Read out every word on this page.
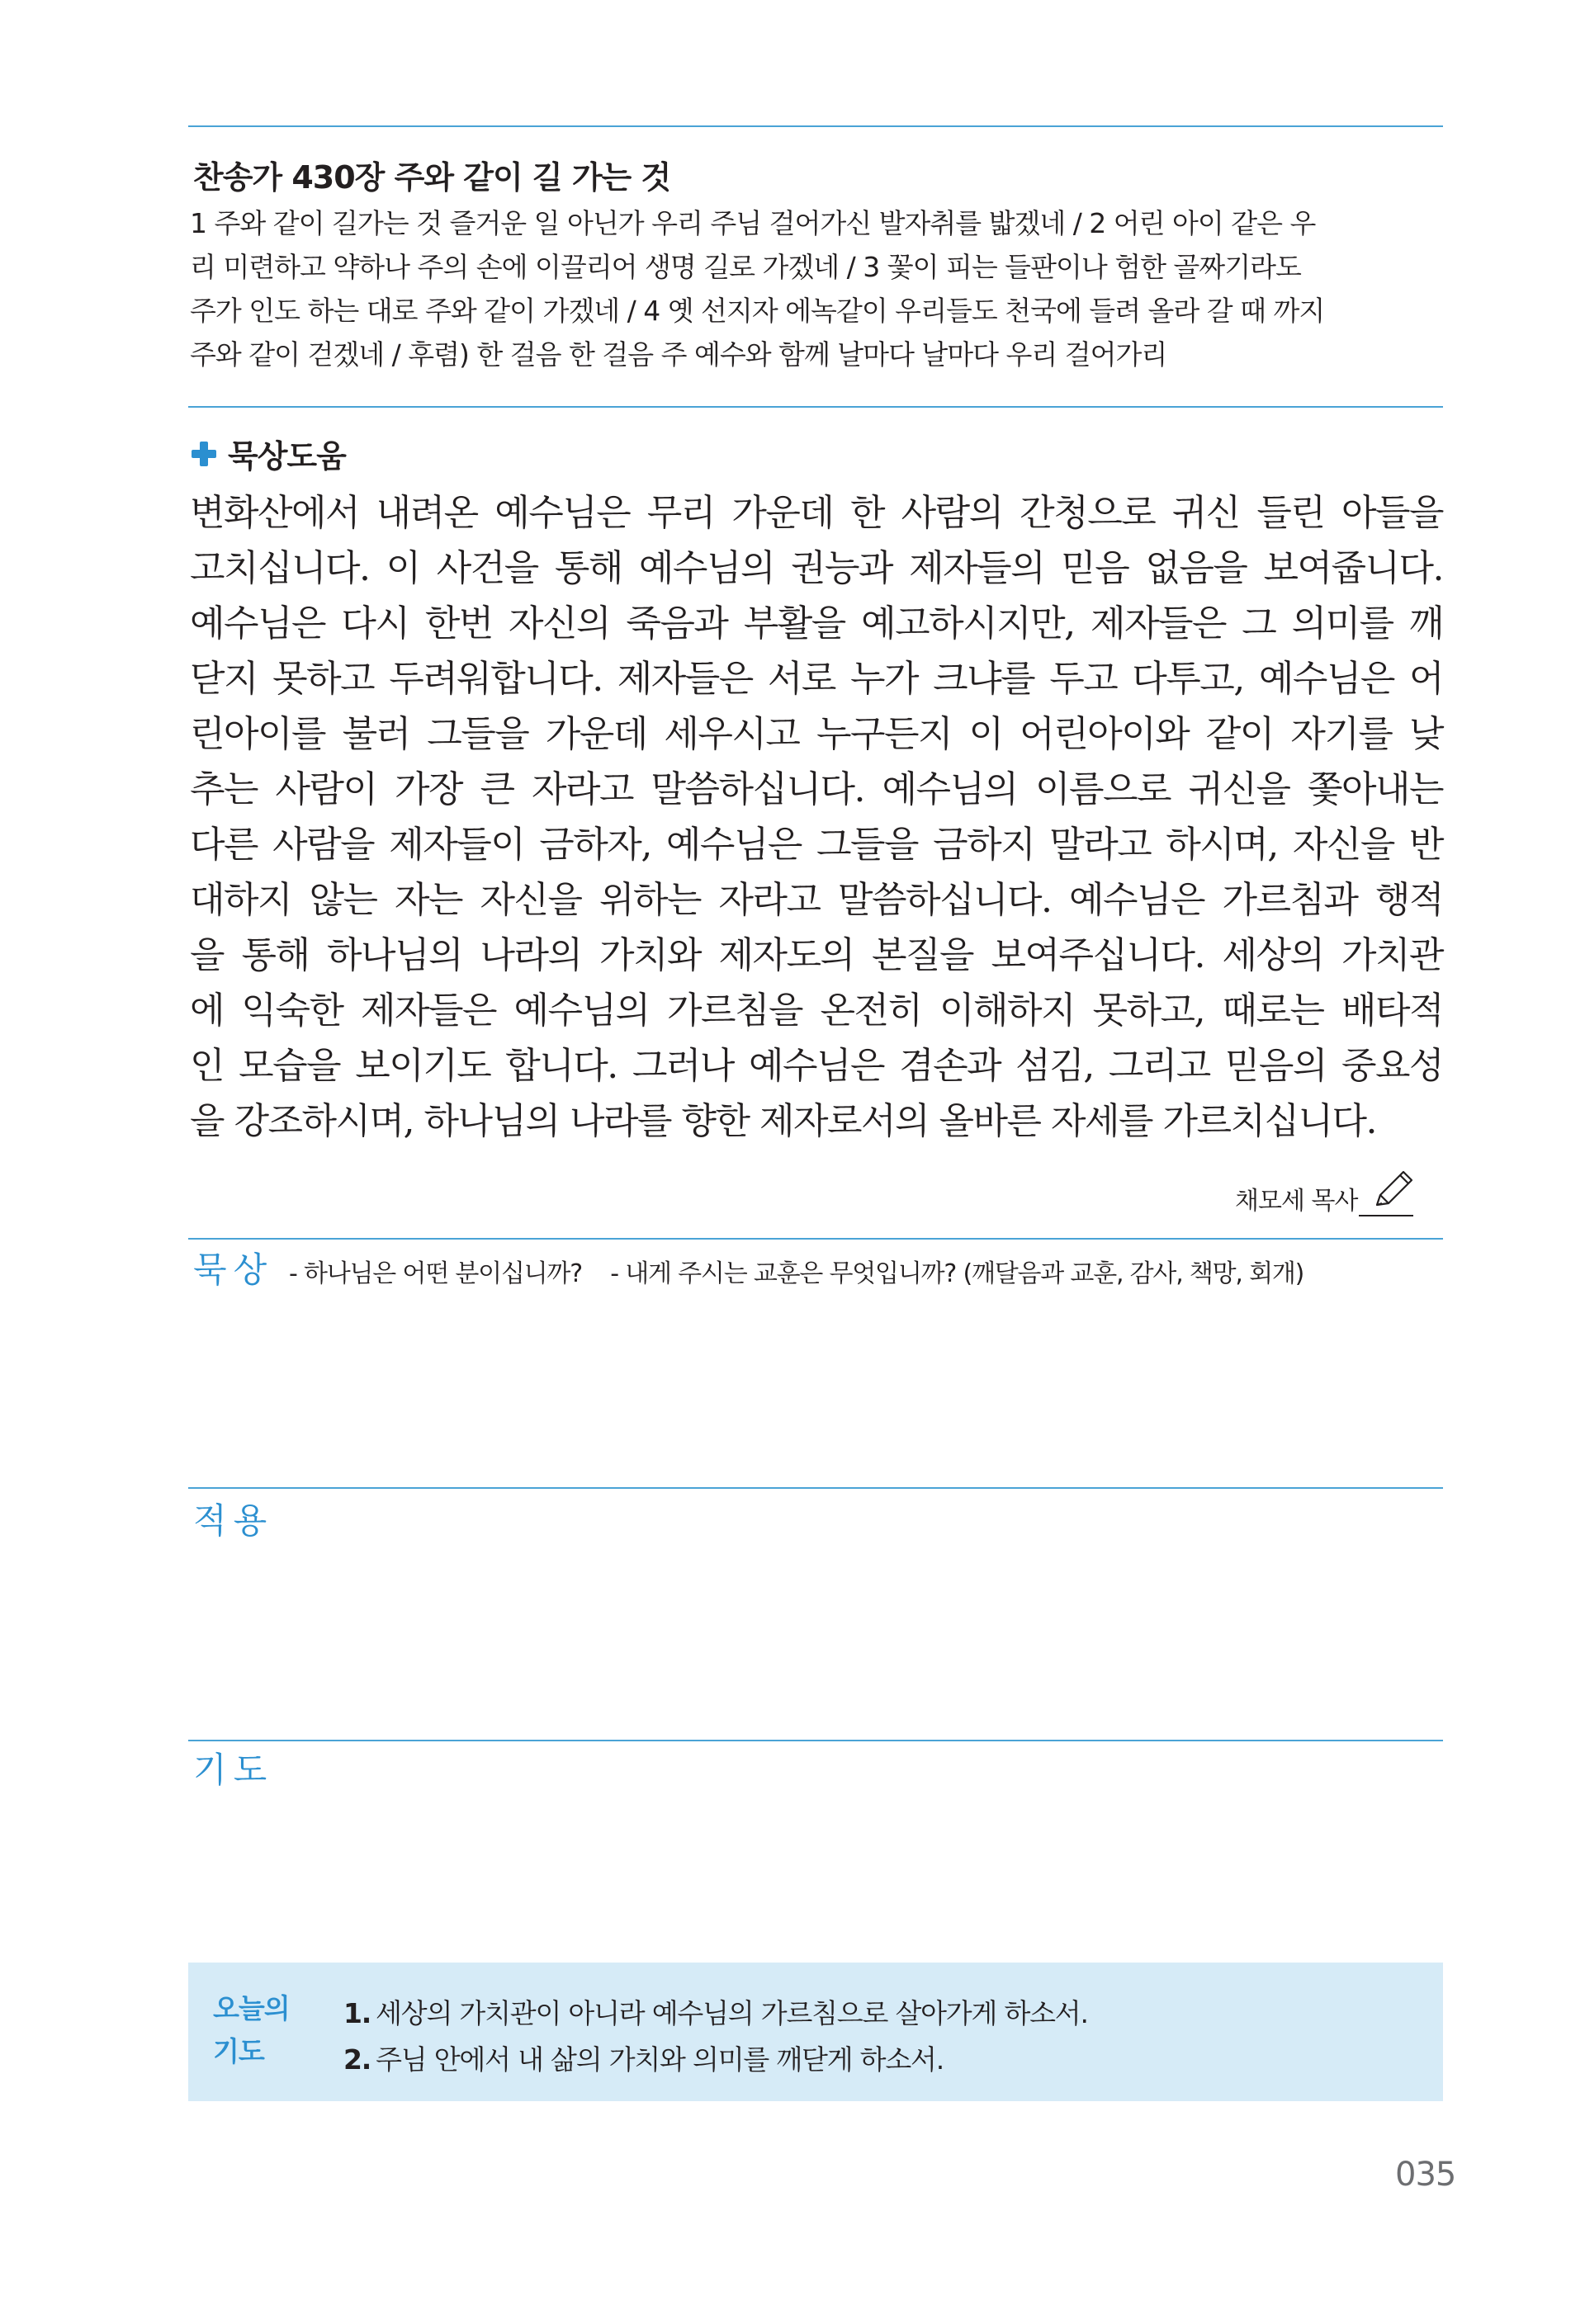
찬송가 430장 주와 같이 길 가는 것
1 주와 같이 길가는 것 즐거운 일 아닌가 우리 주님 걸어가신 발자취를 밟겠네 / 2 어린 아이 같은 우
리 미련하고 약하나 주의 손에 이끌리어 생명 길로 가겠네 / 3 꽃이 피는 들판이나 험한 골짜기라도
주가 인도 하는 대로 주와 같이 가겠네 / 4 옛 선지자 에녹같이 우리들도 천국에 들려 올라 갈 때 까지
주와 같이 걷겠네 / 후렴) 한 걸음 한 걸음 주 예수와 함께 날마다 날마다 우리 걸어가리
묵상도움

변화산에서 내려온 예수님은 무리 가운데 한 사람의 간청으로 귀신 들린 아들을

고치십니다. 이 사건을 통해 예수님의 권능과 제자들의 믿음 없음을 보여줍니다.

예수님은 다시 한번 자신의 죽음과 부활을 예고하시지만, 제자들은 그 의미를 깨

닫지 못하고 두려워합니다. 제자들은 서로 누가 크냐를 두고 다투고, 예수님은 어

린아이를 불러 그들을 가운데 세우시고 누구든지 이 어린아이와 같이 자기를 낮

추는 사람이 가장 큰 자라고 말씀하십니다. 예수님의 이름으로 귀신을 쫓아내는

다른 사람을 제자들이 금하자, 예수님은 그들을 금하지 말라고 하시며, 자신을 반

대하지 않는 자는 자신을 위하는 자라고 말씀하십니다. 예수님은 가르침과 행적

을 통해 하나님의 나라의 가치와 제자도의 본질을 보여주십니다. 세상의 가치관

에 익숙한 제자들은 예수님의 가르침을 온전히 이해하지 못하고, 때로는 배타적

인 모습을 보이기도 합니다. 그러나 예수님은 겸손과 섬김, 그리고 믿음의 중요성

을 강조하시며, 하나님의 나라를 향한 제자로서의 올바른 자세를 가르치십니다.

채모세 목사
묵상 - 하나님은 어떤 분이십니까? - 내게 주시는 교훈은 무엇입니까? (깨달음과 교훈, 감사, 책망, 회개)
적용
기도
오늘의
기도
1. 세상의 가치관이 아니라 예수님의 가르침으로 살아가게 하소서.
2. 주님 안에서 내 삶의 가치와 의미를 깨닫게 하소서.
035
